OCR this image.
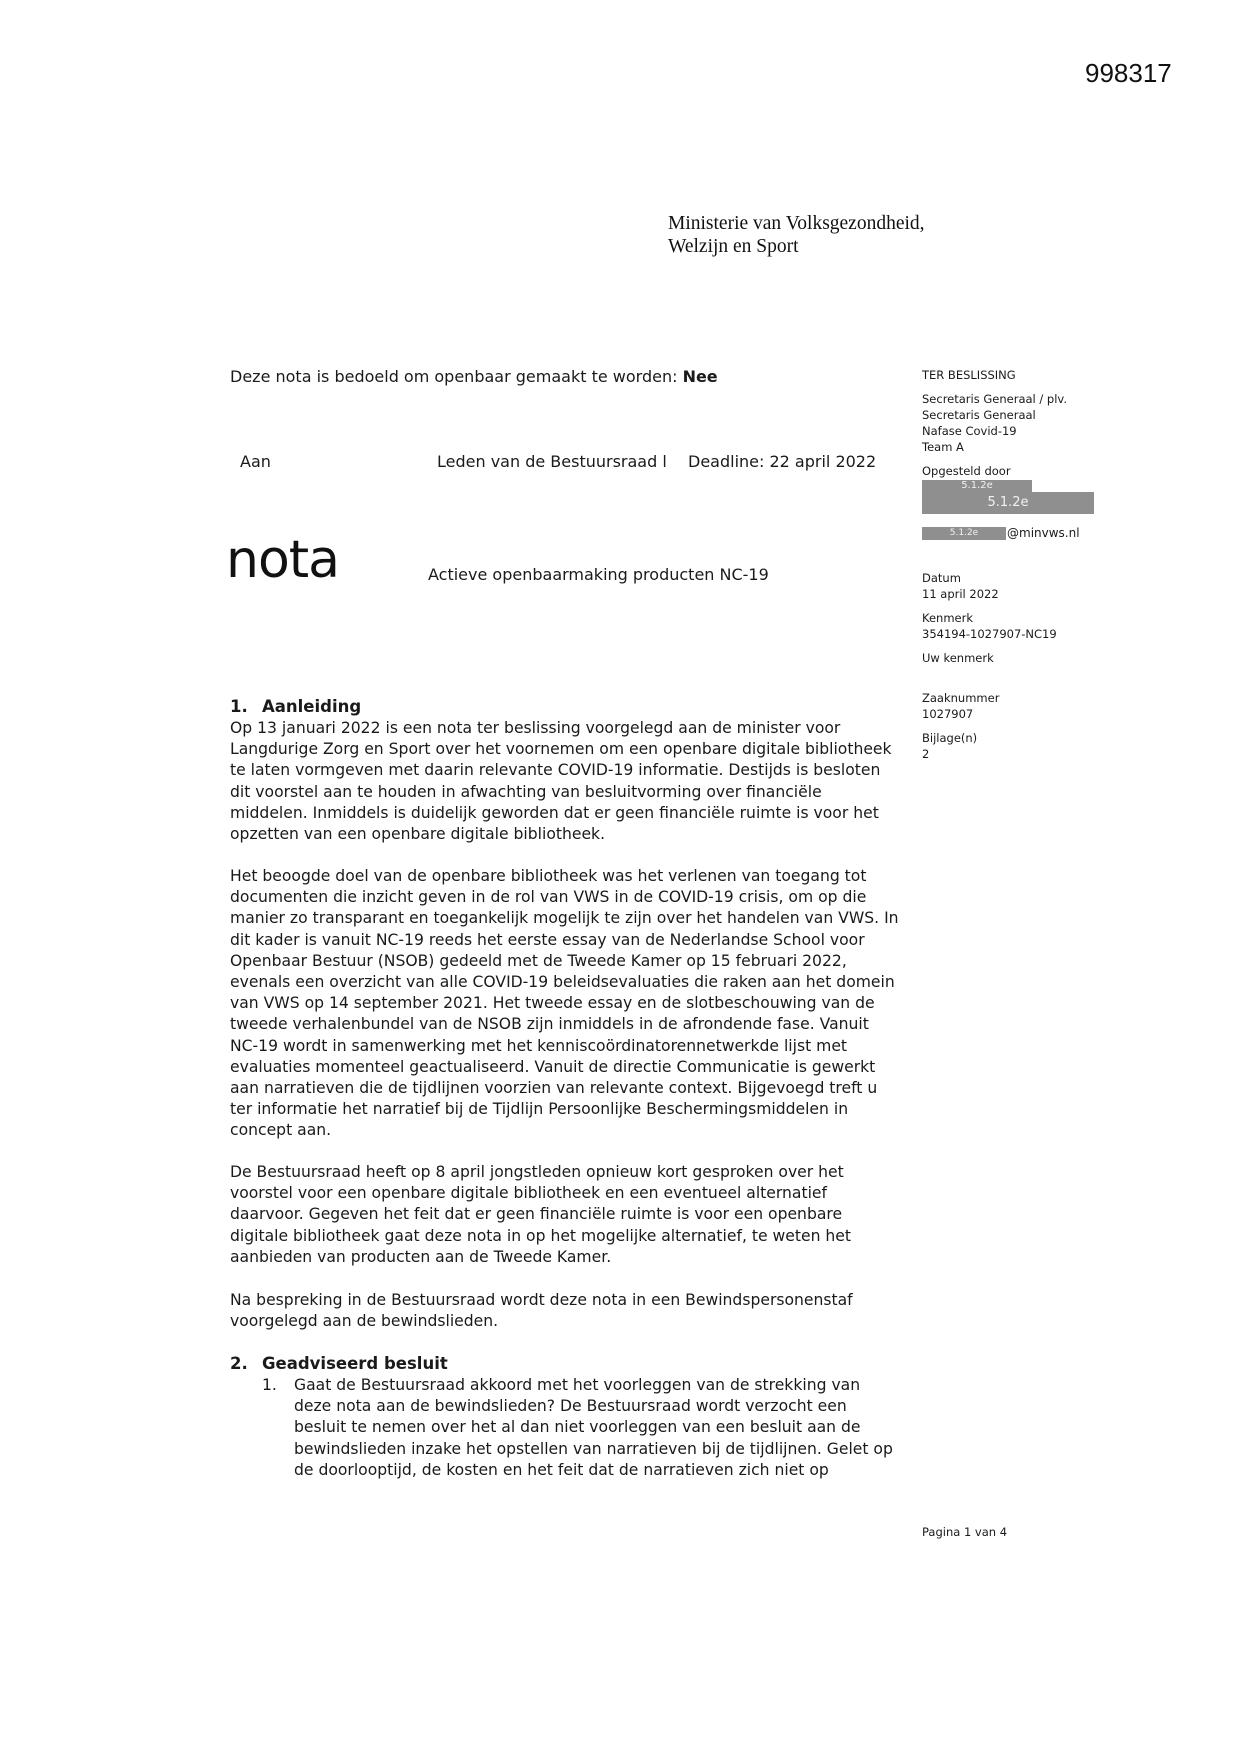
998317
Ministerie van Volksgezondheid,
Welzijn en Sport
Deze nota is bedoeld om openbaar gemaakt te worden: Nee
Aan	Leden van de Bestuursraad l Deadline: 22 april 2022
nota	Actieve openbaarmaking producten NC-19
TER BESLISSING
Secretaris Generaal / plv.
Secretaris Generaal
Nafase Covid-19
Team A
Opgesteld door
5.1.2e
5.1.2e
5.1.2e	@minvws.nl
Datum
11 april 2022
Kenmerk
354194-1027907-NC19
Uw kenmerk
Zaaknummer
1027907
Bijlage(n)
2
1. Aanleiding
Op 13 januari 2022 is een nota ter beslissing voorgelegd aan de minister voor Langdurige Zorg en Sport over het voornemen om een openbare digitale bibliotheek te laten vormgeven met daarin relevante COVID-19 informatie. Destijds is besloten dit voorstel aan te houden in afwachting van besluitvorming over financiële middelen. Inmiddels is duidelijk geworden dat er geen financiële ruimte is voor het opzetten van een openbare digitale bibliotheek.
Het beoogde doel van de openbare bibliotheek was het verlenen van toegang tot documenten die inzicht geven in de rol van VWS in de COVID-19 crisis, om op die manier zo transparant en toegankelijk mogelijk te zijn over het handelen van VWS. In dit kader is vanuit NC-19 reeds het eerste essay van de Nederlandse School voor Openbaar Bestuur (NSOB) gedeeld met de Tweede Kamer op 15 februari 2022, evenals een overzicht van alle COVID-19 beleidsevaluaties die raken aan het domein van VWS op 14 september 2021. Het tweede essay en de slotbeschouwing van de tweede verhalenbundel van de NSOB zijn inmiddels in de afrondende fase. Vanuit NC-19 wordt in samenwerking met het kenniscoördinatorennetwerkde lijst met evaluaties momenteel geactualiseerd. Vanuit de directie Communicatie is gewerkt aan narratieven die de tijdlijnen voorzien van relevante context. Bijgevoegd treft u ter informatie het narratief bij de Tijdlijn Persoonlijke Beschermingsmiddelen in concept aan.
De Bestuursraad heeft op 8 april jongstleden opnieuw kort gesproken over het voorstel voor een openbare digitale bibliotheek en een eventueel alternatief daarvoor. Gegeven het feit dat er geen financiële ruimte is voor een openbare digitale bibliotheek gaat deze nota in op het mogelijke alternatief, te weten het aanbieden van producten aan de Tweede Kamer.
Na bespreking in de Bestuursraad wordt deze nota in een Bewindspersonenstaf voorgelegd aan de bewindslieden.
2. Geadviseerd besluit
1. Gaat de Bestuursraad akkoord met het voorleggen van de strekking van deze nota aan de bewindslieden? De Bestuursraad wordt verzocht een besluit te nemen over het al dan niet voorleggen van een besluit aan de bewindslieden inzake het opstellen van narratieven bij de tijdlijnen. Gelet op de doorlooptijd, de kosten en het feit dat de narratieven zich niet op
Pagina 1 van 4
